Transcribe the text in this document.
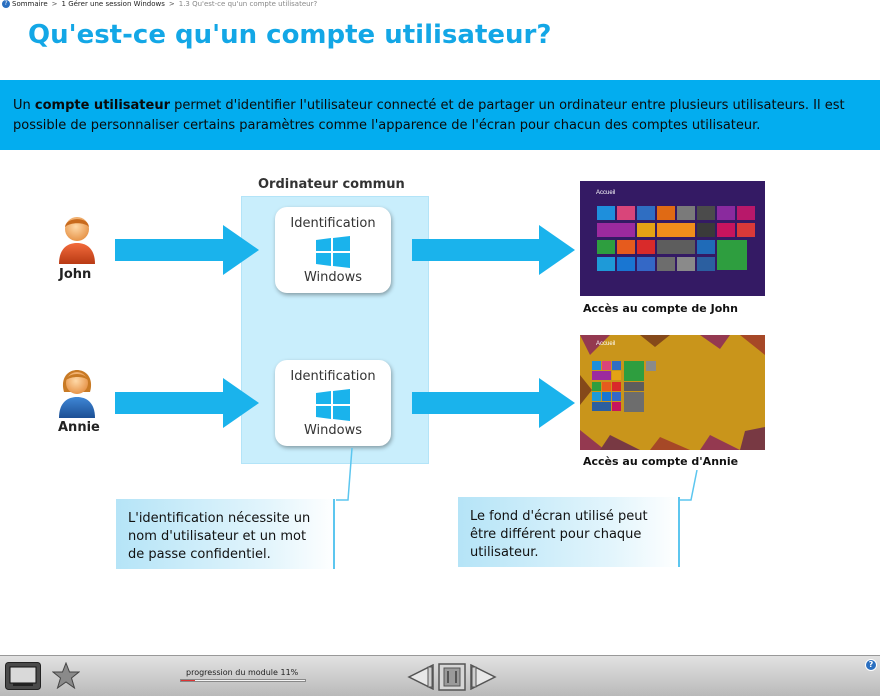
? Sommaire > 1 Gérer une session Windows > 1.3 Qu'est-ce qu'un compte utilisateur?
Qu'est-ce qu'un compte utilisateur?
Un compte utilisateur permet d'identifier l'utilisateur connecté et de partager un ordinateur entre plusieurs utilisateurs. Il est possible de personnaliser certains paramètres comme l'apparence de l'écran pour chacun des comptes utilisateur.
Ordinateur commun
Identification
Windows
Identification
Windows
John
Annie
Accueil
Accès au compte de John
Accueil
Accès au compte d'Annie
L'identification nécessite un nom d'utilisateur et un mot de passe confidentiel.
Le fond d'écran utilisé peut être différent pour chaque utilisateur.
progression du module 11%
?
